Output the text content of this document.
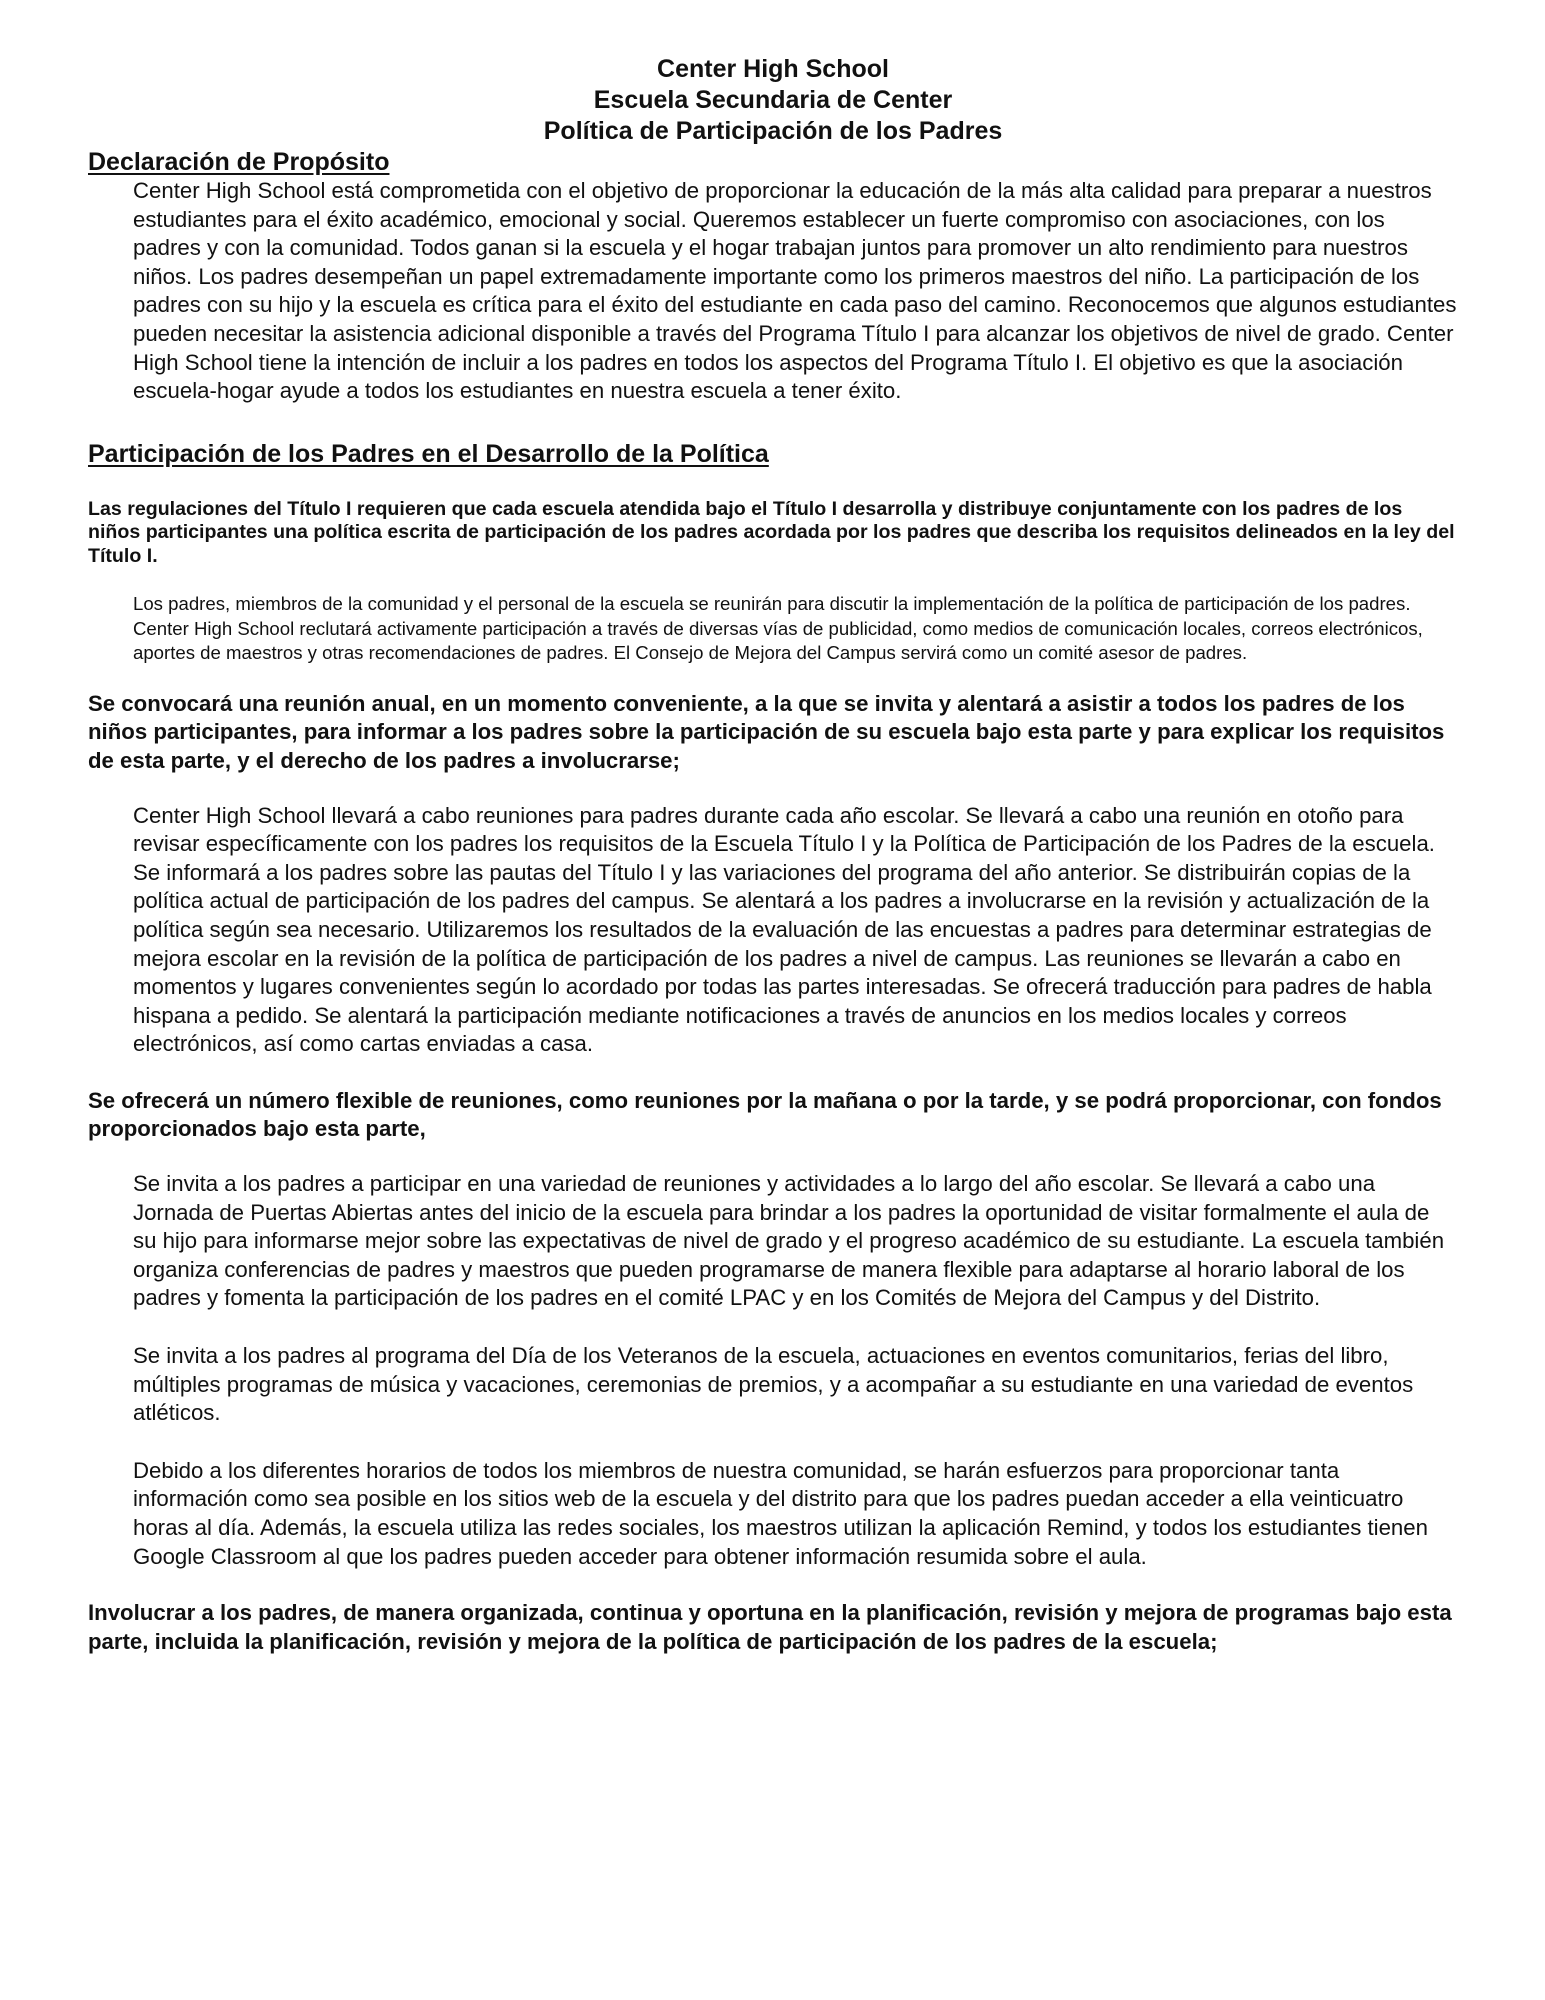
Center High School
Escuela Secundaria de Center
Política de Participación de los Padres
Declaración de Propósito

Center High School está comprometida con el objetivo de proporcionar la educación de la más alta calidad para preparar a nuestros estudiantes para el éxito académico, emocional y social. Queremos establecer un fuerte compromiso con asociaciones, con los padres y con la comunidad. Todos ganan si la escuela y el hogar trabajan juntos para promover un alto rendimiento para nuestros niños. Los padres desempeñan un papel extremadamente importante como los primeros maestros del niño. La participación de los padres con su hijo y la escuela es crítica para el éxito del estudiante en cada paso del camino. Reconocemos que algunos estudiantes pueden necesitar la asistencia adicional disponible a través del Programa Título I para alcanzar los objetivos de nivel de grado. Center High School tiene la intención de incluir a los padres en todos los aspectos del Programa Título I. El objetivo es que la asociación escuela-hogar ayude a todos los estudiantes en nuestra escuela a tener éxito.

Participación de los Padres en el Desarrollo de la Política

Las regulaciones del Título I requieren que cada escuela atendida bajo el Título I desarrolla y distribuye conjuntamente con los padres de los niños participantes una política escrita de participación de los padres acordada por los padres que describa los requisitos delineados en la ley del Título I.

Los padres, miembros de la comunidad y el personal de la escuela se reunirán para discutir la implementación de la política de participación de los padres. Center High School reclutará activamente participación a través de diversas vías de publicidad, como medios de comunicación locales, correos electrónicos, aportes de maestros y otras recomendaciones de padres. El Consejo de Mejora del Campus servirá como un comité asesor de padres.

Se convocará una reunión anual, en un momento conveniente, a la que se invita y alentará a asistir a todos los padres de los niños participantes, para informar a los padres sobre la participación de su escuela bajo esta parte y para explicar los requisitos de esta parte, y el derecho de los padres a involucrarse;

Center High School llevará a cabo reuniones para padres durante cada año escolar. Se llevará a cabo una reunión en otoño para revisar específicamente con los padres los requisitos de la Escuela Título I y la Política de Participación de los Padres de la escuela. Se informará a los padres sobre las pautas del Título I y las variaciones del programa del año anterior. Se distribuirán copias de la política actual de participación de los padres del campus. Se alentará a los padres a involucrarse en la revisión y actualización de la política según sea necesario. Utilizaremos los resultados de la evaluación de las encuestas a padres para determinar estrategias de mejora escolar en la revisión de la política de participación de los padres a nivel de campus. Las reuniones se llevarán a cabo en momentos y lugares convenientes según lo acordado por todas las partes interesadas. Se ofrecerá traducción para padres de habla hispana a pedido. Se alentará la participación mediante notificaciones a través de anuncios en los medios locales y correos electrónicos, así como cartas enviadas a casa.

Se ofrecerá un número flexible de reuniones, como reuniones por la mañana o por la tarde, y se podrá proporcionar, con fondos proporcionados bajo esta parte,

Se invita a los padres a participar en una variedad de reuniones y actividades a lo largo del año escolar. Se llevará a cabo una Jornada de Puertas Abiertas antes del inicio de la escuela para brindar a los padres la oportunidad de visitar formalmente el aula de su hijo para informarse mejor sobre las expectativas de nivel de grado y el progreso académico de su estudiante. La escuela también organiza conferencias de padres y maestros que pueden programarse de manera flexible para adaptarse al horario laboral de los padres y fomenta la participación de los padres en el comité LPAC y en los Comités de Mejora del Campus y del Distrito.

Se invita a los padres al programa del Día de los Veteranos de la escuela, actuaciones en eventos comunitarios, ferias del libro, múltiples programas de música y vacaciones, ceremonias de premios, y a acompañar a su estudiante en una variedad de eventos atléticos.

Debido a los diferentes horarios de todos los miembros de nuestra comunidad, se harán esfuerzos para proporcionar tanta información como sea posible en los sitios web de la escuela y del distrito para que los padres puedan acceder a ella veinticuatro horas al día. Además, la escuela utiliza las redes sociales, los maestros utilizan la aplicación Remind, y todos los estudiantes tienen Google Classroom al que los padres pueden acceder para obtener información resumida sobre el aula.

Involucrar a los padres, de manera organizada, continua y oportuna en la planificación, revisión y mejora de programas bajo esta parte, incluida la planificación, revisión y mejora de la política de participación de los padres de la escuela;
